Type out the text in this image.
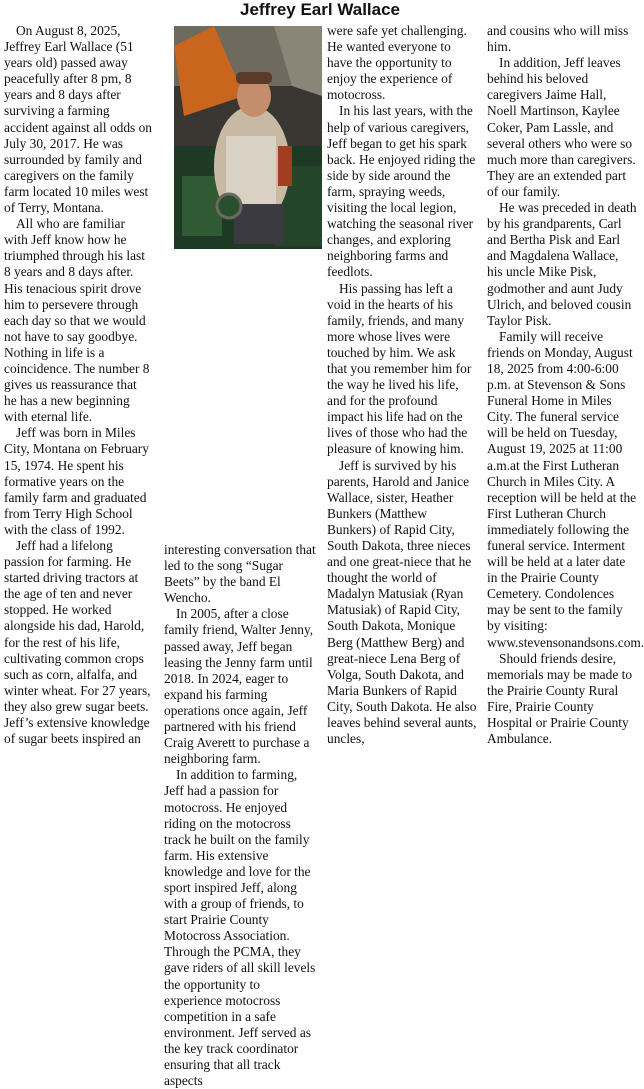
Jeffrey Earl Wallace

On August 8, 2025, Jeffrey Earl Wallace (51 years old) passed away peacefully after 8 pm, 8 years and 8 days after surviving a farming accident against all odds on July 30, 2017. He was surrounded by family and caregivers on the family farm located 10 miles west of Terry, Montana.

All who are familiar with Jeff know how he triumphed through his last 8 years and 8 days after. His tenacious spirit drove him to persevere through each day so that we would not have to say goodbye. Nothing in life is a coincidence. The number 8 gives us reassurance that he has a new beginning with eternal life.

Jeff was born in Miles City, Montana on February 15, 1974. He spent his formative years on the family farm and graduated from Terry High School with the class of 1992.

Jeff had a lifelong passion for farming. He started driving tractors at the age of ten and never stopped. He worked alongside his dad, Harold, for the rest of his life, cultivating common crops such as corn, alfalfa, and winter wheat. For 27 years, they also grew sugar beets. Jeff’s extensive knowledge of sugar beets inspired an

interesting conversation that led to the song “Sugar Beets” by the band El Wencho.

In 2005, after a close family friend, Walter Jenny, passed away, Jeff began leasing the Jenny farm until 2018. In 2024, eager to expand his farming operations once again, Jeff partnered with his friend Craig Averett to purchase a neighboring farm.

In addition to farming, Jeff had a passion for motocross. He enjoyed riding on the motocross track he built on the family farm. His extensive knowledge and love for the sport inspired Jeff, along with a group of friends, to start Prairie County Motocross Association. Through the PCMA, they gave riders of all skill levels the opportunity to experience motocross competition in a safe environment. Jeff served as the key track coordinator ensuring that all track aspects

were safe yet challenging. He wanted everyone to have the opportunity to enjoy the experience of motocross.

In his last years, with the help of various caregivers, Jeff began to get his spark back. He enjoyed riding the side by side around the farm, spraying weeds, visiting the local legion, watching the seasonal river changes, and exploring neighboring farms and feedlots.

His passing has left a void in the hearts of his family, friends, and many more whose lives were touched by him. We ask that you remember him for the way he lived his life, and for the profound impact his life had on the lives of those who had the pleasure of knowing him.

Jeff is survived by his parents, Harold and Janice Wallace, sister, Heather Bunkers (Matthew Bunkers) of Rapid City, South Dakota, three nieces and one great-niece that he thought the world of Madalyn Matusiak (Ryan Matusiak) of Rapid City, South Dakota, Monique Berg (Matthew Berg) and great-niece Lena Berg of Volga, South Dakota, and Maria Bunkers of Rapid City, South Dakota. He also leaves behind several aunts, uncles,

and cousins who will miss him.

In addition, Jeff leaves behind his beloved caregivers Jaime Hall, Noell Martinson, Kaylee Coker, Pam Lassle, and several others who were so much more than caregivers. They are an extended part of our family.

He was preceded in death by his grandparents, Carl and Bertha Pisk and Earl and Magdalena Wallace, his uncle Mike Pisk, godmother and aunt Judy Ulrich, and beloved cousin Taylor Pisk.

Family will receive friends on Monday, August 18, 2025 from 4:00-6:00 p.m. at Stevenson & Sons Funeral Home in Miles City. The funeral service will be held on Tuesday, August 19, 2025 at 11:00 a.m.at the First Lutheran Church in Miles City. A reception will be held at the First Lutheran Church immediately following the funeral service. Interment will be held at a later date in the Prairie County Cemetery. Condolences may be sent to the family by visiting: www.stevensonandsons.com.

Should friends desire, memorials may be made to the Prairie County Rural Fire, Prairie County Hospital or Prairie County Ambulance.
